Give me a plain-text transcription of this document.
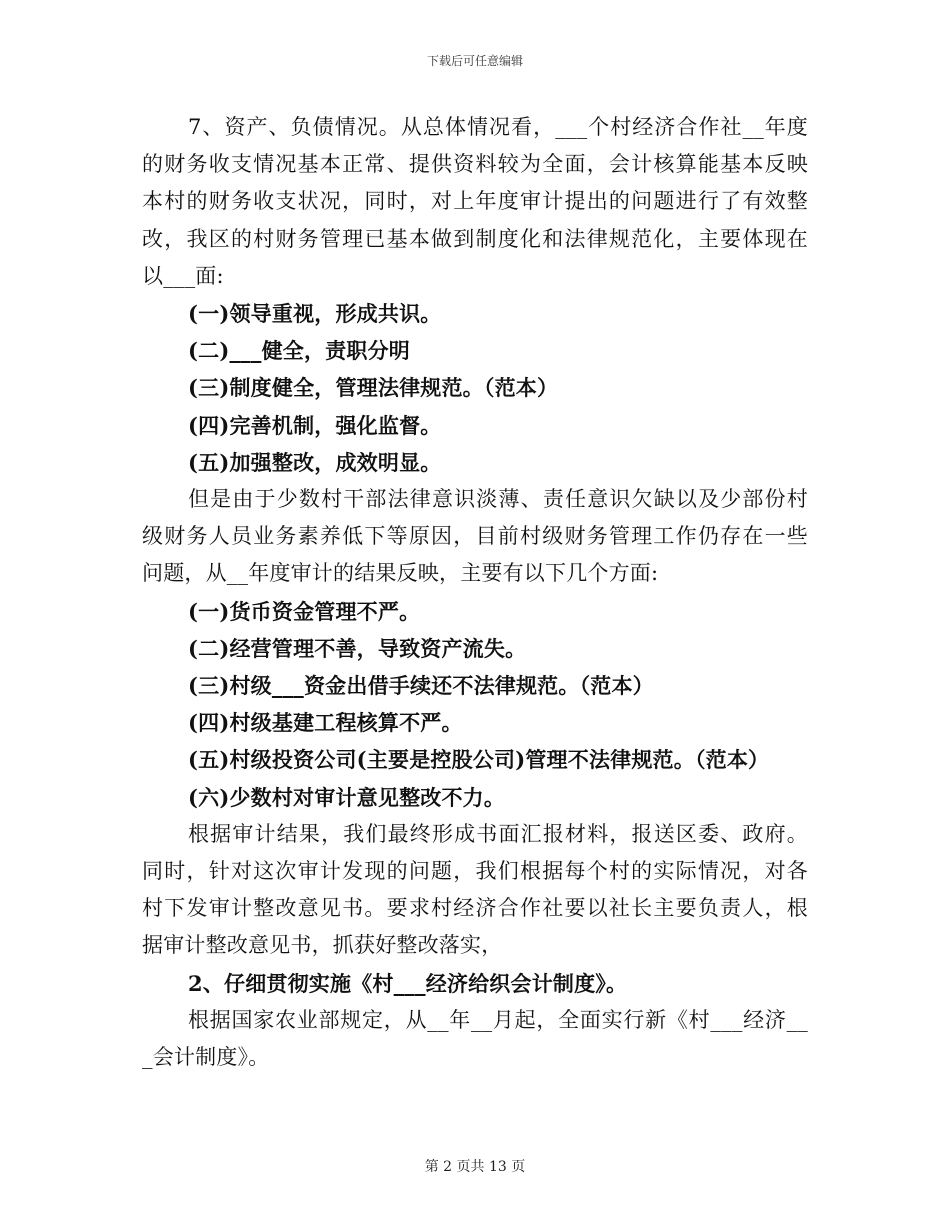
下载后可任意编辑

7、资产、负债情况。从总体情况看，___个村经济合作社__年度

的财务收支情况基本正常、提供资料较为全面，会计核算能基本反映

本村的财务收支状况，同时，对上年度审计提出的问题进行了有效整

改，我区的村财务管理已基本做到制度化和法律规范化，主要体现在

以___面:

(一)领导重视，形成共识。

(二)___健全，责职分明

(三)制度健全，管理法律规范。（范本）

(四)完善机制，强化监督。

(五)加强整改，成效明显。

但是由于少数村干部法律意识淡薄、责任意识欠缺以及少部份村

级财务人员业务素养低下等原因，目前村级财务管理工作仍存在一些

问题，从__年度审计的结果反映，主要有以下几个方面:

(一)货币资金管理不严。

(二)经营管理不善，导致资产流失。

(三)村级___资金出借手续还不法律规范。（范本）

(四)村级基建工程核算不严。

(五)村级投资公司(主要是控股公司)管理不法律规范。（范本）

(六)少数村对审计意见整改不力。

根据审计结果，我们最终形成书面汇报材料，报送区委、政府。

同时，针对这次审计发现的问题，我们根据每个村的实际情况，对各

村下发审计整改意见书。要求村经济合作社要以社长主要负责人，根

据审计整改意见书，抓获好整改落实，

2、仔细贯彻实施《村___经济给织会计制度》。

根据国家农业部规定，从__年__月起，全面实行新《村___经济__

_会计制度》。

第 2 页共 13 页
